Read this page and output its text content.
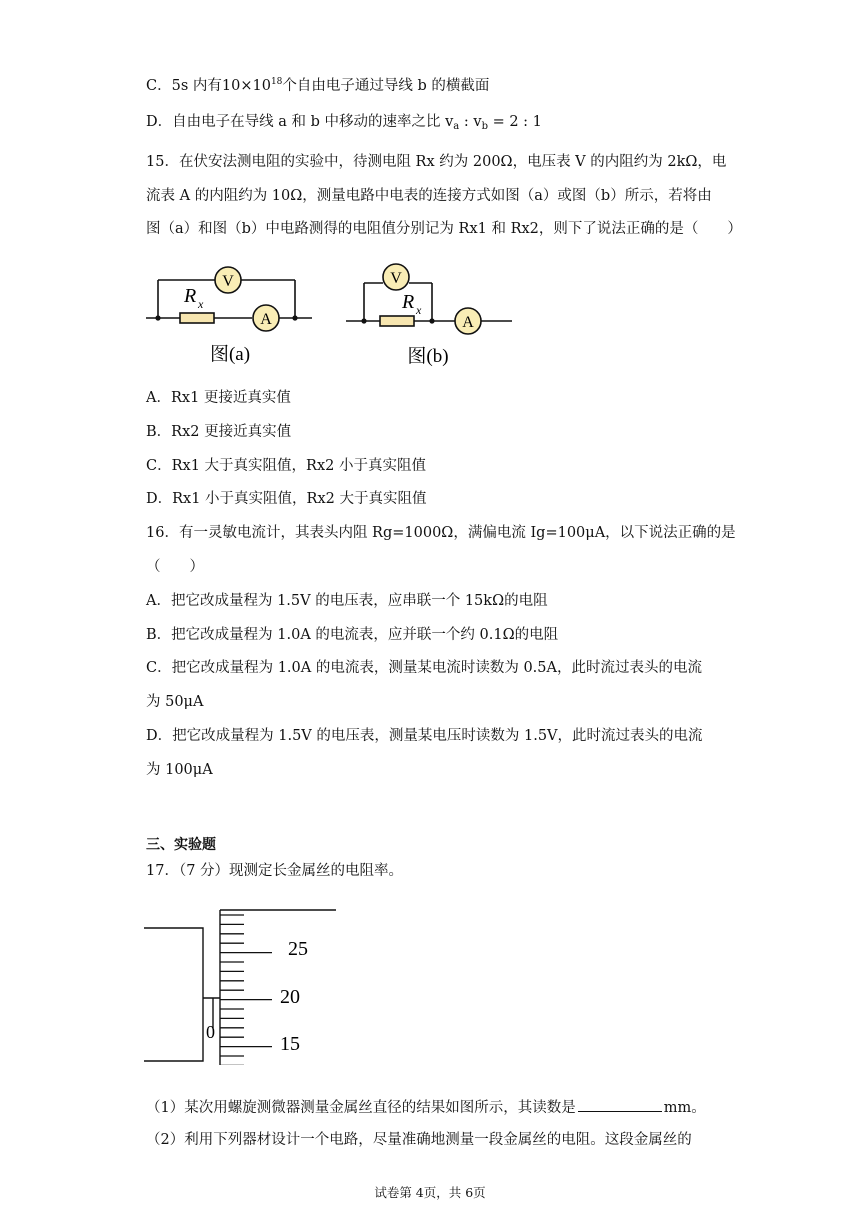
C．5s 内有$10\times 10^{18}$个自由电子通过导线 b 的横截面
D．自由电子在导线 a 和 b 中移动的速率之比 $v_a$ : $v_b = 2$ : 1
15．在伏安法测电阻的实验中，待测电阻 Rx 约为 200Ω，电压表 V 的内阻约为 2kΩ，电
流表 A 的内阻约为 10Ω，测量电路中电表的连接方式如图（a）或图（b）所示，若将由
图（a）和图（b）中电路测得的电阻值分别记为 Rx1 和 Rx2，则下了说法正确的是（　　）
V
A
R x
图(a)
V
A
R x
图(b)
A．Rx1 更接近真实值
B．Rx2 更接近真实值
C．Rx1 大于真实阻值，Rx2 小于真实阻值
D．Rx1 小于真实阻值，Rx2 大于真实阻值
16．有一灵敏电流计，其表头内阻 Rg=1000Ω，满偏电流 Ig=100μA，以下说法正确的是
（　　）
A．把它改成量程为 1.5V 的电压表，应串联一个 15kΩ的电阻
B．把它改成量程为 1.0A 的电流表，应并联一个约 0.1Ω的电阻
C．把它改成量程为 1.0A 的电流表，测量某电流时读数为 0.5A，此时流过表头的电流
为 50μA
D．把它改成量程为 1.5V 的电压表，测量某电压时读数为 1.5V，此时流过表头的电流
为 100μA
三、实验题
17．（7 分）现测定长金属丝的电阻率。
25
20
15
0
（1）某次用螺旋测微器测量金属丝直径的结果如图所示，其读数是	mm。
（2）利用下列器材设计一个电路，尽量准确地测量一段金属丝的电阻。这段金属丝的
试卷第 4页，共 6页
